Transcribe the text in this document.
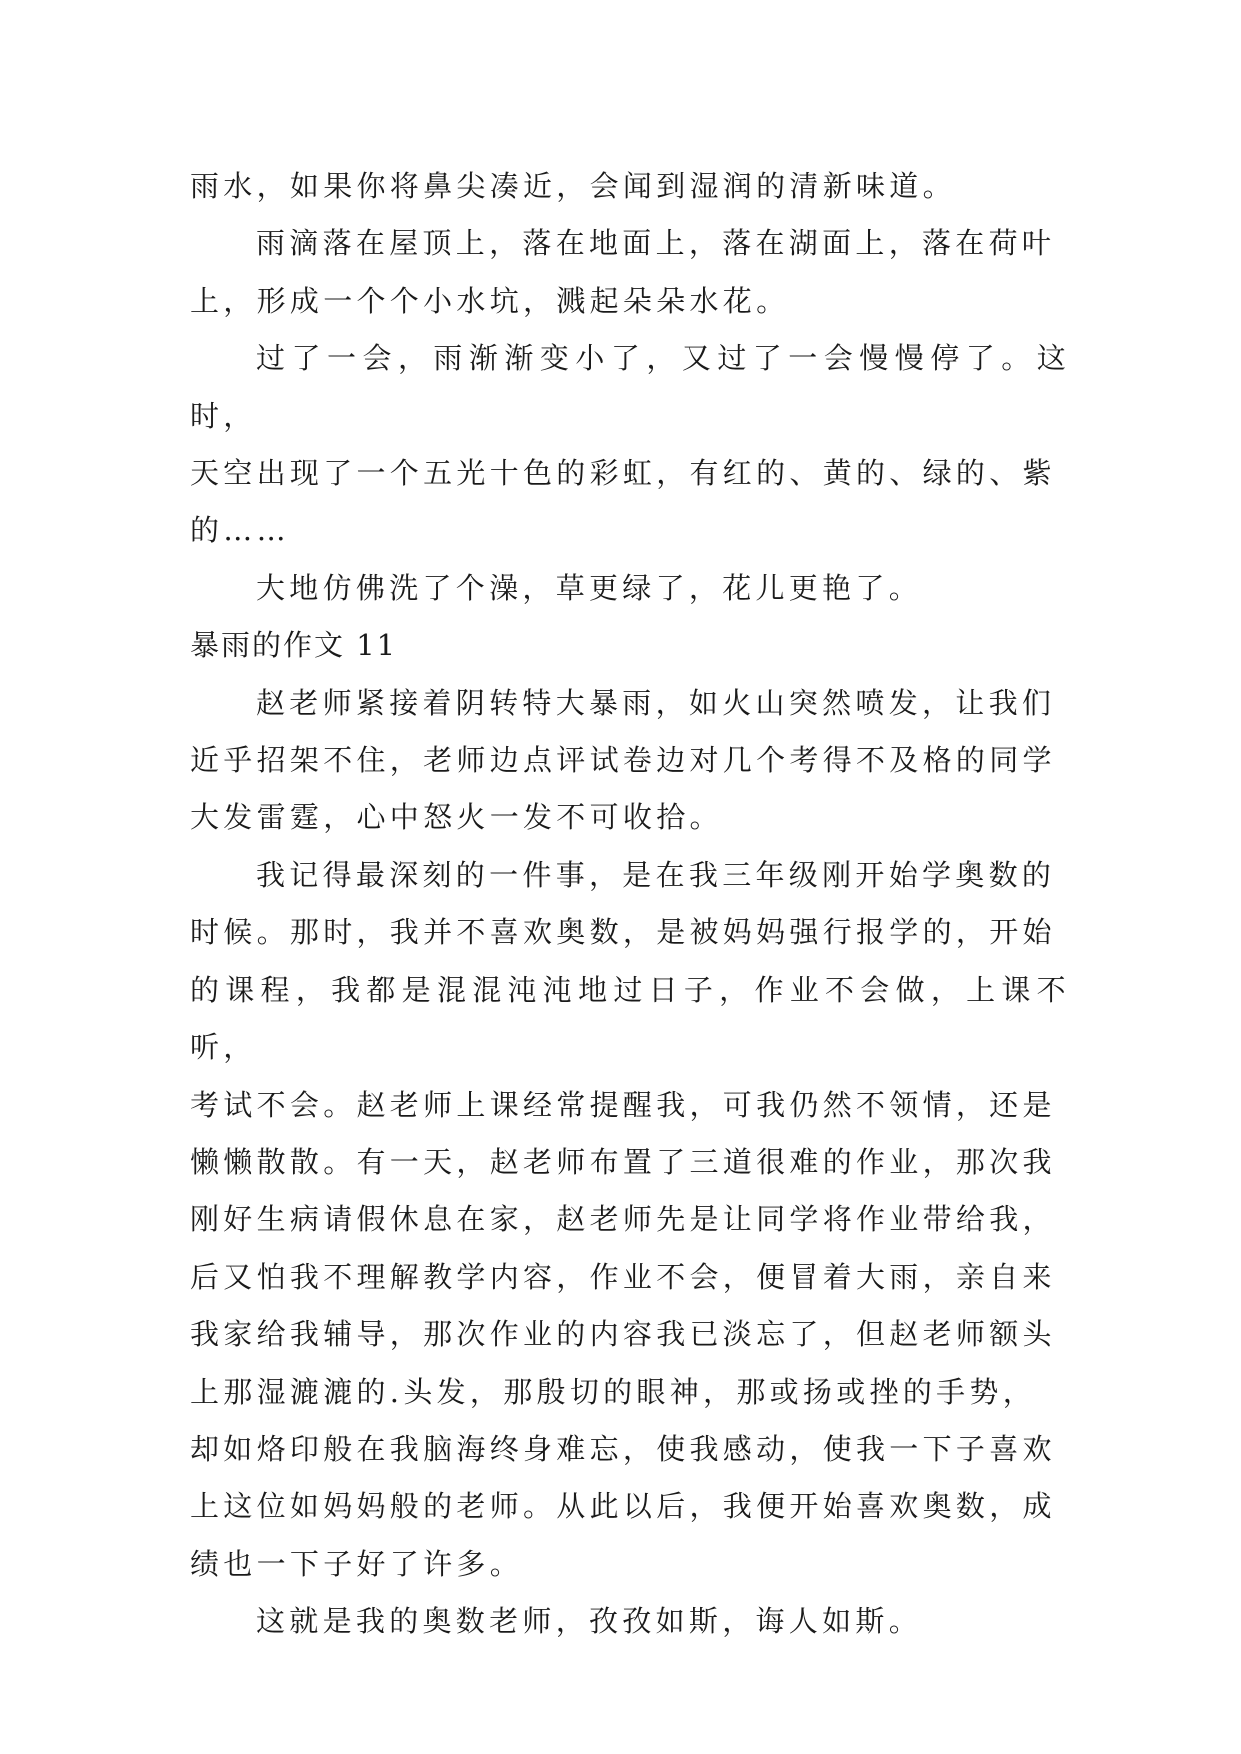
雨水，如果你将鼻尖凑近，会闻到湿润的清新味道。

雨滴落在屋顶上，落在地面上，落在湖面上，落在荷叶
上，形成一个个小水坑，溅起朵朵水花。

过了一会，雨渐渐变小了，又过了一会慢慢停了。这时，
天空出现了一个五光十色的彩虹，有红的、黄的、绿的、紫
的……

大地仿佛洗了个澡，草更绿了，花儿更艳了。

暴雨的作文 11

赵老师紧接着阴转特大暴雨，如火山突然喷发，让我们
近乎招架不住，老师边点评试卷边对几个考得不及格的同学
大发雷霆，心中怒火一发不可收拾。

我记得最深刻的一件事，是在我三年级刚开始学奥数的
时候。那时，我并不喜欢奥数，是被妈妈强行报学的，开始
的课程，我都是混混沌沌地过日子，作业不会做，上课不听，
考试不会。赵老师上课经常提醒我，可我仍然不领情，还是
懒懒散散。有一天，赵老师布置了三道很难的作业，那次我
刚好生病请假休息在家，赵老师先是让同学将作业带给我，
后又怕我不理解教学内容，作业不会，便冒着大雨，亲自来
我家给我辅导，那次作业的内容我已淡忘了，但赵老师额头
上那湿漉漉的.头发，那殷切的眼神，那或扬或挫的手势，
却如烙印般在我脑海终身难忘，使我感动，使我一下子喜欢
上这位如妈妈般的老师。从此以后，我便开始喜欢奥数，成
绩也一下子好了许多。

这就是我的奥数老师，孜孜如斯，诲人如斯。
